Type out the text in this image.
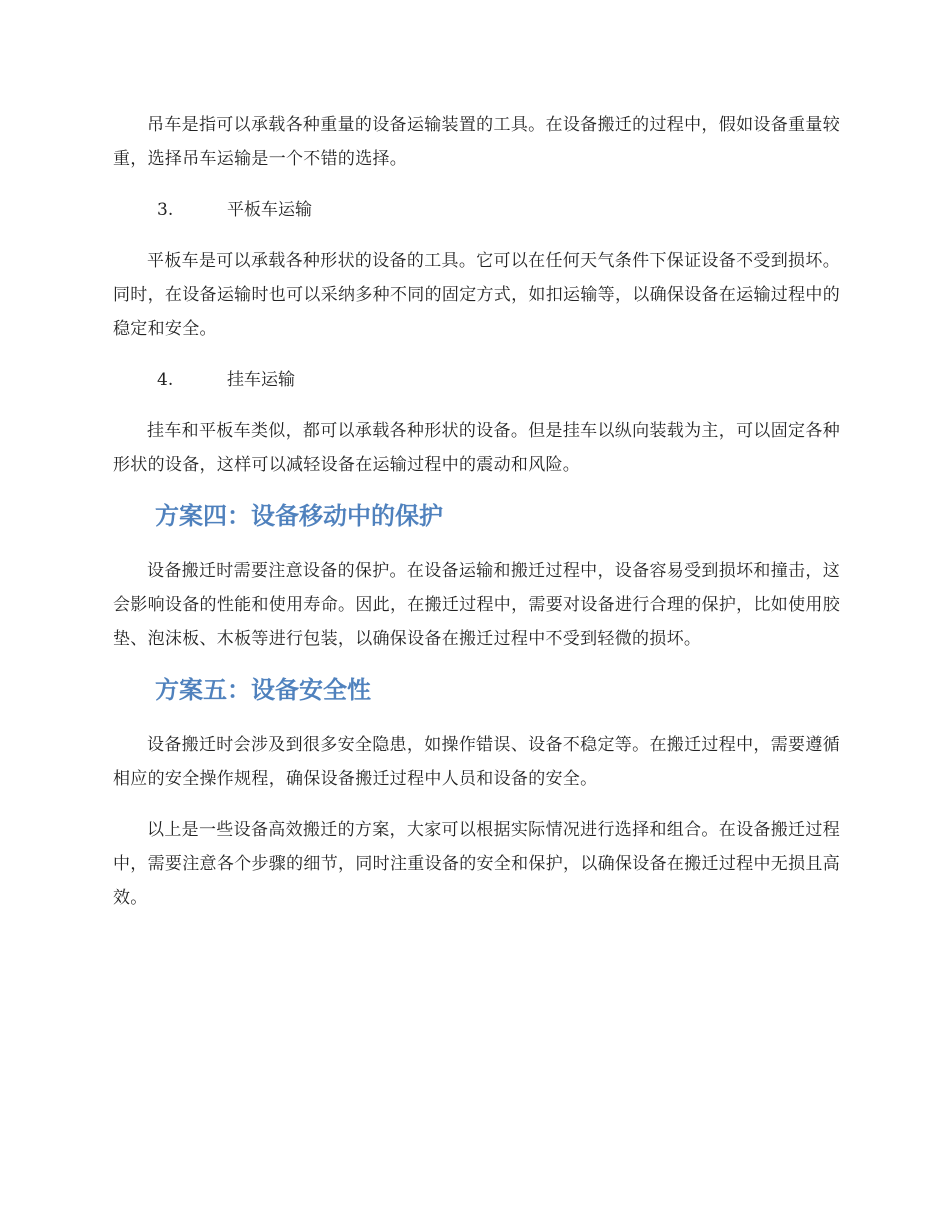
吊车是指可以承载各种重量的设备运输装置的工具。在设备搬迁的过程中，假如设备重量较重，选择吊车运输是一个不错的选择。

3.	平板车运输

平板车是可以承载各种形状的设备的工具。它可以在任何天气条件下保证设备不受到损坏。同时，在设备运输时也可以采纳多种不同的固定方式，如扣运输等，以确保设备在运输过程中的稳定和安全。

4.	挂车运输

挂车和平板车类似，都可以承载各种形状的设备。但是挂车以纵向装载为主，可以固定各种形状的设备，这样可以减轻设备在运输过程中的震动和风险。

方案四：设备移动中的保护

设备搬迁时需要注意设备的保护。在设备运输和搬迁过程中，设备容易受到损坏和撞击，这会影响设备的性能和使用寿命。因此，在搬迁过程中，需要对设备进行合理的保护，比如使用胶垫、泡沫板、木板等进行包装，以确保设备在搬迁过程中不受到轻微的损坏。

方案五：设备安全性

设备搬迁时会涉及到很多安全隐患，如操作错误、设备不稳定等。在搬迁过程中，需要遵循相应的安全操作规程，确保设备搬迁过程中人员和设备的安全。

以上是一些设备高效搬迁的方案，大家可以根据实际情况进行选择和组合。在设备搬迁过程中，需要注意各个步骤的细节，同时注重设备的安全和保护，以确保设备在搬迁过程中无损且高效。
